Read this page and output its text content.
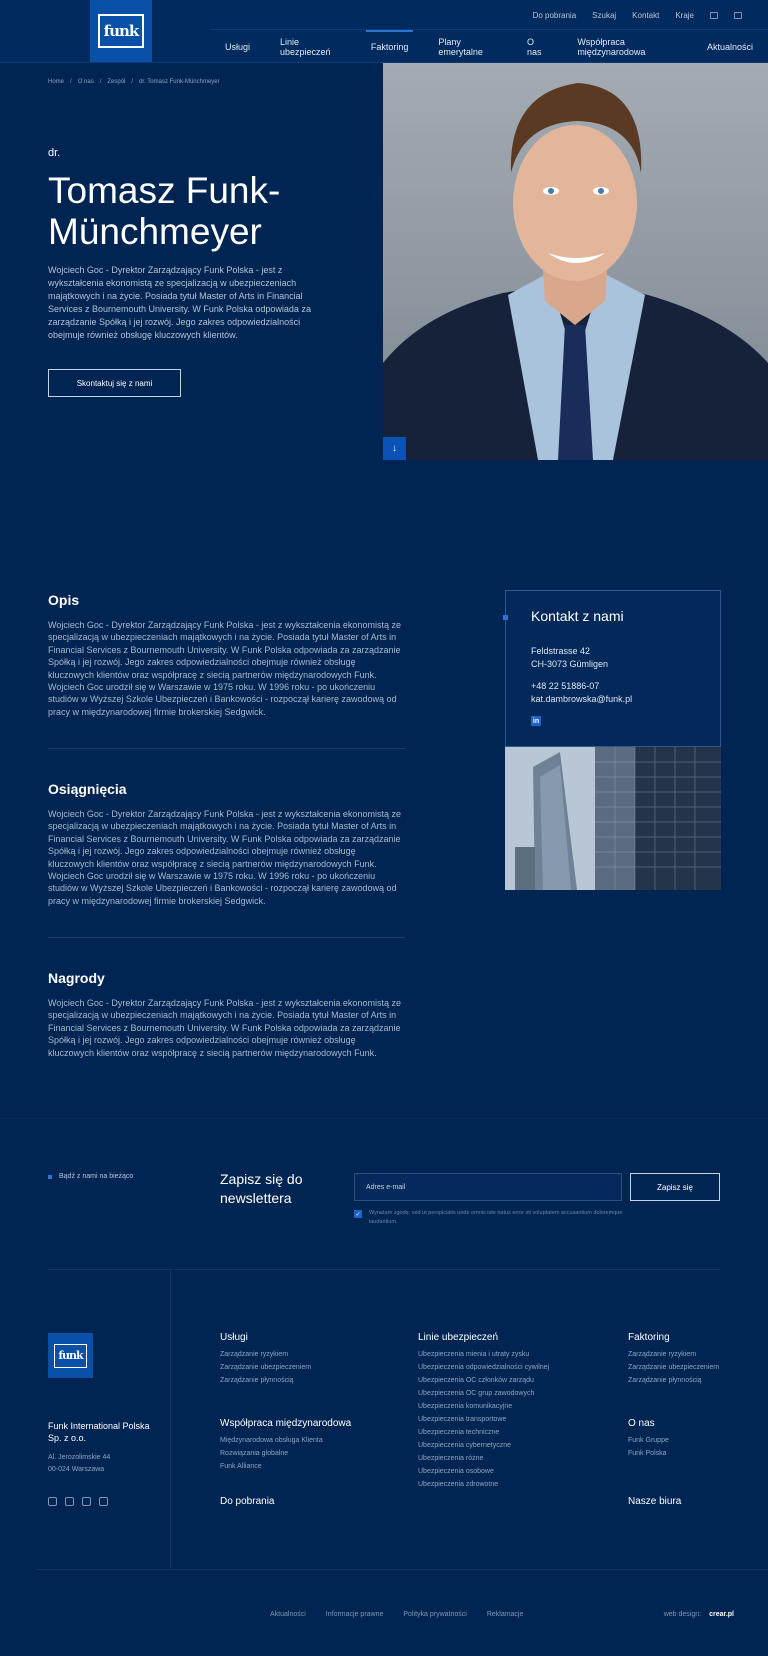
funk
Do pobrania Szukaj Kontakt Kraje
Usługi	Linie ubezpieczeń	Faktoring	Plany emerytalne
O nas
Współpraca międzynarodowa	Aktualności
Home / O nas / Zespół / dr. Tomasz Funk-Münchmeyer
dr.
Tomasz Funk-Münchmeyer

Wojciech Goc - Dyrektor Zarządzający Funk Polska - jest z wykształcenia ekonomistą ze specjalizacją w ubezpieczeniach majątkowych i na życie. Posiada tytuł Master of Arts in Financial Services z Bournemouth University. W Funk Polska odpowiada za zarządzanie Spółką i jej rozwój. Jego zakres odpowiedzialności obejmuje również obsługę kluczowych klientów.

Skontaktuj się z nami
↓
Opis

Wojciech Goc - Dyrektor Zarządzający Funk Polska - jest z wykształcenia ekonomistą ze specjalizacją w ubezpieczeniach majątkowych i na życie. Posiada tytuł Master of Arts in Financial Services z Bournemouth University. W Funk Polska odpowiada za zarządzanie Spółką i jej rozwój. Jego zakres odpowiedzialności obejmuje również obsługę kluczowych klientów oraz współpracę z siecią partnerów międzynarodowych Funk. Wojciech Goc urodził się w Warszawie w 1975 roku. W 1996 roku - po ukończeniu studiów w Wyższej Szkole Ubezpieczeń i Bankowości - rozpoczął karierę zawodową od pracy w międzynarodowej firmie brokerskiej Sedgwick.

Osiągnięcia

Wojciech Goc - Dyrektor Zarządzający Funk Polska - jest z wykształcenia ekonomistą ze specjalizacją w ubezpieczeniach majątkowych i na życie. Posiada tytuł Master of Arts in Financial Services z Bournemouth University. W Funk Polska odpowiada za zarządzanie Spółką i jej rozwój. Jego zakres odpowiedzialności obejmuje również obsługę kluczowych klientów oraz współpracę z siecią partnerów międzynarodowych Funk. Wojciech Goc urodził się w Warszawie w 1975 roku. W 1996 roku - po ukończeniu studiów w Wyższej Szkole Ubezpieczeń i Bankowości - rozpoczął karierę zawodową od pracy w międzynarodowej firmie brokerskiej Sedgwick.

Nagrody

Wojciech Goc - Dyrektor Zarządzający Funk Polska - jest z wykształcenia ekonomistą ze specjalizacją w ubezpieczeniach majątkowych i na życie. Posiada tytuł Master of Arts in Financial Services z Bournemouth University. W Funk Polska odpowiada za zarządzanie Spółką i jej rozwój. Jego zakres odpowiedzialności obejmuje również obsługę kluczowych klientów oraz współpracę z siecią partnerów międzynarodowych Funk.

Kontakt z nami
Feldstrasse 42
CH-3073 Gümligen
+48 22 51886-07
kat.dambrowska@funk.pl
in
Bądź z nami na bieżąco	Zapisz się do newslettera
Adres e-mail	Zapisz się
✓ Wyrażam zgodę, sed ut perspiciatis unde omnis iste natus error sit voluptatem accusantium doloremque laudantium.
funk
Funk International Polska Sp. z o.o.
Al. Jerozolimskie 44
00-024 Warszawa
Usługi
Zarządzanie ryzykiem
Zarządzanie ubezpieczeniem
Zarządzanie płynnością
Współpraca międzynarodowa
Międzynarodowa obsługa Klienta
Rozwiązania globalne
Funk Alliance
Do pobrania
Linie ubezpieczeń
Ubezpieczenia mienia i utraty zysku
Ubezpieczenia odpowiedzialności cywilnej
Ubezpieczenia OC członków zarządu
Ubezpieczenia OC grup zawodowych
Ubezpieczenia komunikacyjne
Ubezpieczenia transportowe
Ubezpieczenia techniczne
Ubezpieczenia cybernetyczne
Ubezpieczenia różne
Ubezpieczenia osobowe
Ubezpieczenia zdrowotne
Faktoring
Zarządzanie ryzykiem
Zarządzanie ubezpieczeniem
Zarządzanie płynnością
O nas
Funk Gruppe
Funk Polska
Nasze biura
Aktualności	Informacje prawne	Polityka prywatności	Reklamacje	web design: crear.pl
